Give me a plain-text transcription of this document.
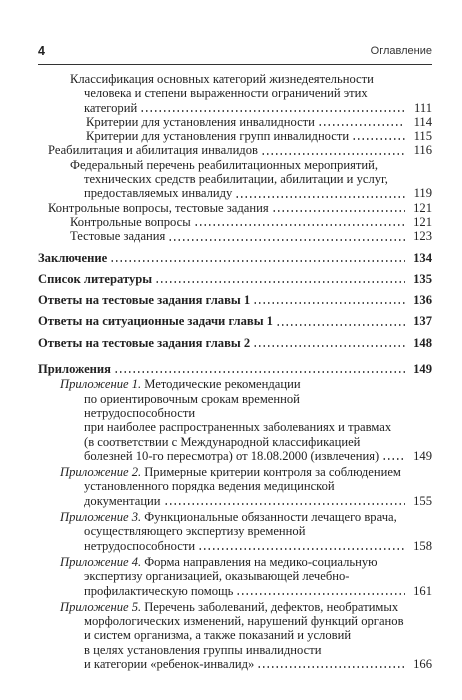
4	Оглавление
Классификация основных категорий жизнедеятельности
человека и степени выраженности ограничений этих
категорий	111
Критерии для установления инвалидности	114
Критерии для установления групп инвалидности	115
Реабилитация и абилитация инвалидов	116
Федеральный перечень реабилитационных мероприятий,
технических средств реабилитации, абилитации и услуг,
предоставляемых инвалиду	119
Контрольные вопросы, тестовые задания	121
Контрольные вопросы	121
Тестовые задания	123
Заключение	134
Список литературы	135
Ответы на тестовые задания главы 1	136
Ответы на ситуационные задачи главы 1	137
Ответы на тестовые задания главы 2	148
Приложения	149
Приложение 1. Методические рекомендации
по ориентировочным срокам временной нетрудоспособности
при наиболее распространенных заболеваниях и травмах
(в соответствии с Международной классификацией
болезней 10-го пересмотра) от 18.08.2000 (извлечения)	149
Приложение 2. Примерные критерии контроля за соблюдением
установленного порядка ведения медицинской
документации	155
Приложение 3. Функциональные обязанности лечащего врача,
осуществляющего экспертизу временной
нетрудоспособности	158
Приложение 4. Форма направления на медико-социальную
экспертизу организацией, оказывающей лечебно-
профилактическую помощь	161
Приложение 5. Перечень заболеваний, дефектов, необратимых
морфологических изменений, нарушений функций органов
и систем организма, а также показаний и условий
в целях установления группы инвалидности
и категории «ребенок-инвалид»	166
